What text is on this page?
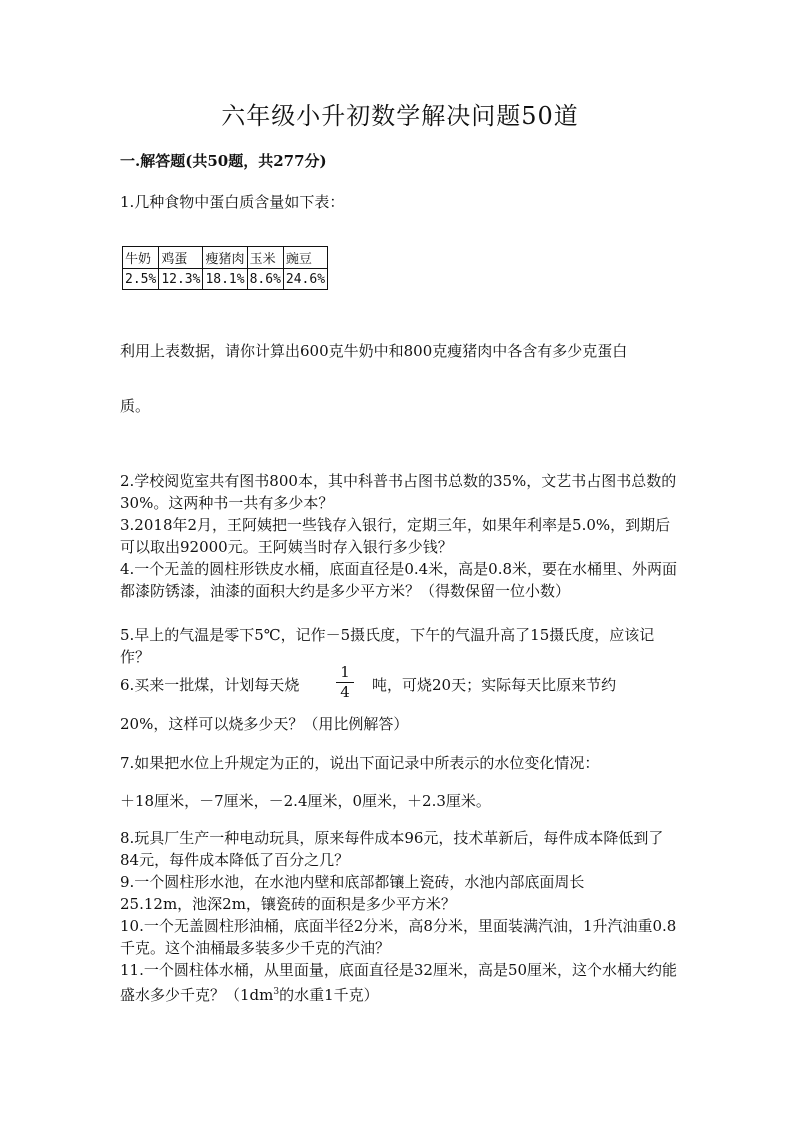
六年级小升初数学解决问题50道
一.解答题(共50题，共277分)
1.几种食物中蛋白质含量如下表：
牛奶	鸡蛋	瘦猪肉	玉米	豌豆
2.5%	12.3%	18.1%	8.6%	24.6%
利用上表数据，请你计算出600克牛奶中和800克瘦猪肉中各含有多少克蛋白
质。
2.学校阅览室共有图书800本，其中科普书占图书总数的35%，文艺书占图书总数的30%。这两种书一共有多少本？
3.2018年2月，王阿姨把一些钱存入银行，定期三年，如果年利率是5.0%，到期后可以取出92000元。王阿姨当时存入银行多少钱？
4.一个无盖的圆柱形铁皮水桶，底面直径是0.4米，高是0.8米，要在水桶里、外两面都漆防锈漆，油漆的面积大约是多少平方米？（得数保留一位小数）
5.早上的气温是零下5℃，记作－5摄氏度，下午的气温升高了15摄氏度，应该记作？
6.买来一批煤，计划每天烧
1
4	吨，可烧20天；实际每天比原来节约
20%，这样可以烧多少天？（用比例解答）
7.如果把水位上升规定为正的，说出下面记录中所表示的水位变化情况：
＋18厘米，－7厘米，－2.4厘米，0厘米，＋2.3厘米。
8.玩具厂生产一种电动玩具，原来每件成本96元，技术革新后，每件成本降低到了84元，每件成本降低了百分之几？
9.一个圆柱形水池，在水池内壁和底部都镶上瓷砖，水池内部底面周长
25.12m，池深2m，镶瓷砖的面积是多少平方米？
10.一个无盖圆柱形油桶，底面半径2分米，高8分米，里面装满汽油，1升汽油重0.8千克。这个油桶最多装多少千克的汽油？
11.一个圆柱体水桶，从里面量，底面直径是32厘米，高是50厘米，这个水桶大约能盛水多少千克？（$1dm^3$的水重1千克）
